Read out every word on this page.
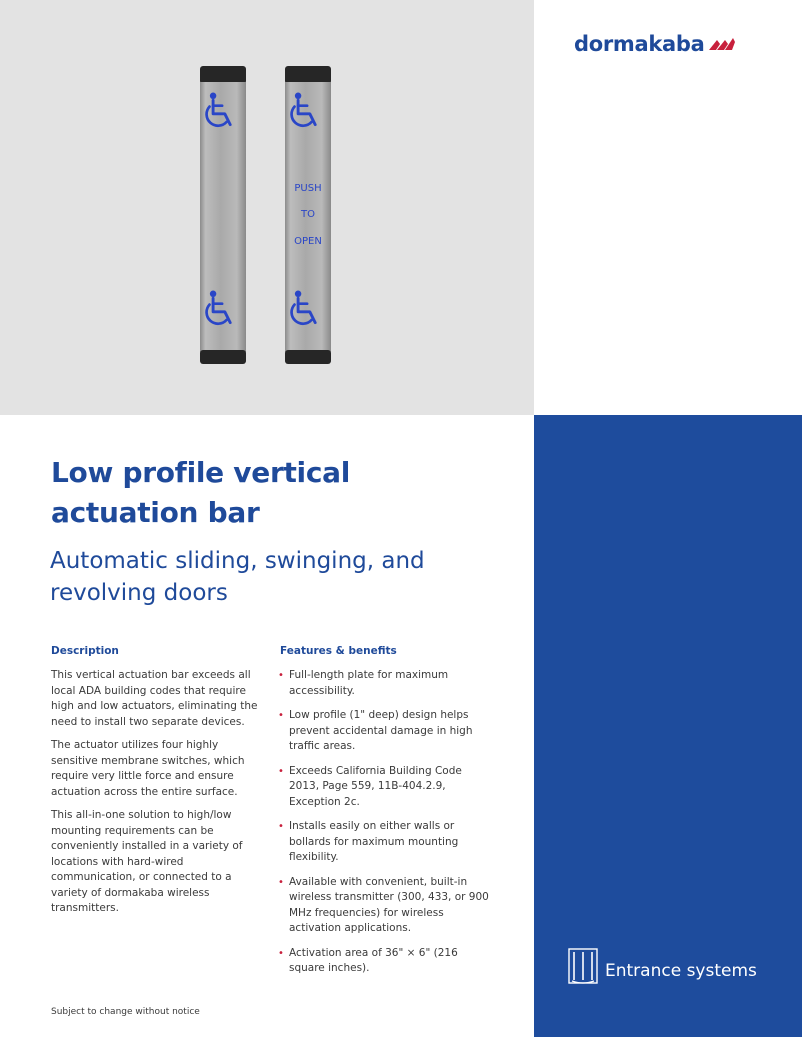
PUSH
TO
OPEN
dormakaba
Entrance systems
Low profile vertical actuation bar
Automatic sliding, swinging, and revolving doors
Description

This vertical actuation bar exceeds all local ADA building codes that require high and low actuators, eliminating the need to install two separate devices.

The actuator utilizes four highly sensitive membrane switches, which require very little force and ensure actuation across the entire surface.

This all-in-one solution to high/low mounting requirements can be conveniently installed in a variety of locations with hard-wired communication, or connected to a variety of dormakaba wireless transmitters.

Features & benefits
• Full-length plate for maximum accessibility.
• Low profile (1" deep) design helps prevent accidental damage in high traffic areas.
• Exceeds California Building Code 2013, Page 559, 11B-404.2.9, Exception 2c.
• Installs easily on either walls or bollards for maximum mounting flexibility.
• Available with convenient, built-in wireless transmitter (300, 433, or 900 MHz frequencies) for wireless activation applications.
• Activation area of 36" × 6" (216 square inches).
Subject to change without notice
